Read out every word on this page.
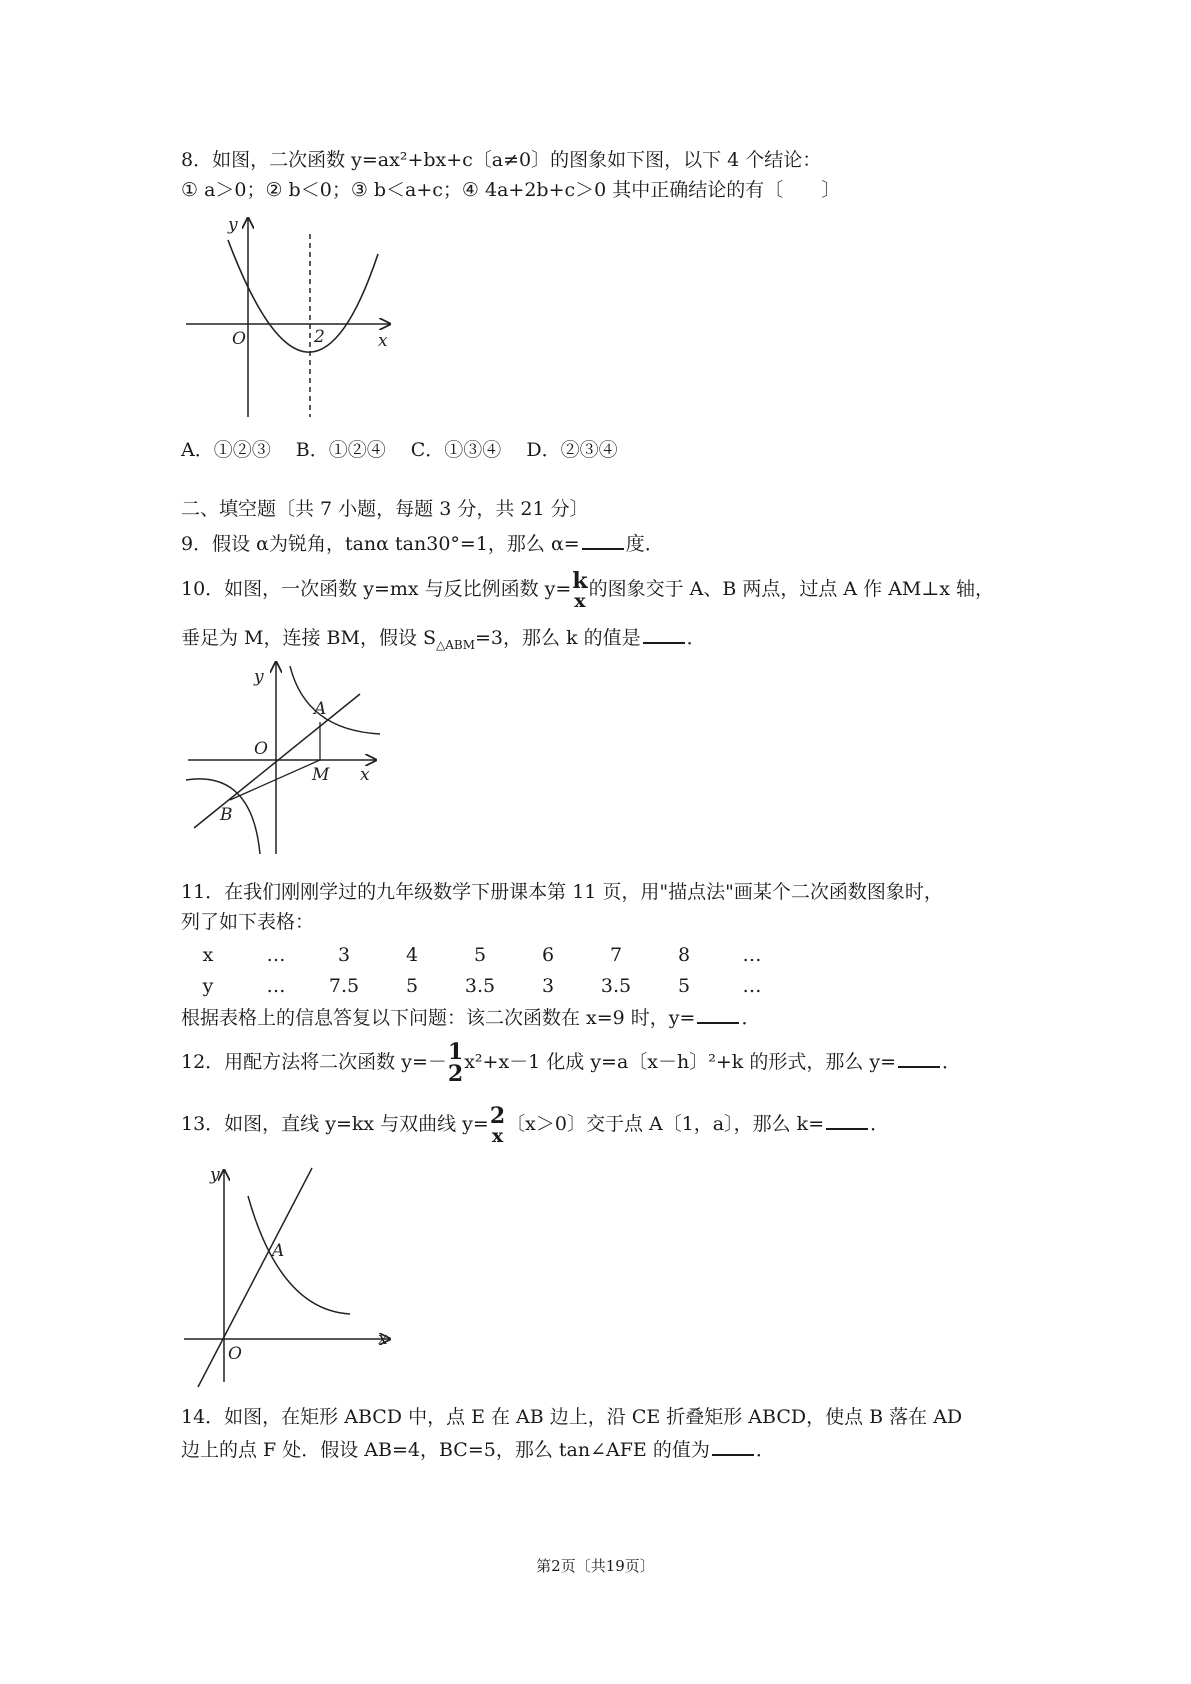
8．如图，二次函数 y=ax²+bx+c〔a≠0〕的图象如下图，以下 4 个结论：
① a＞0；② b＜0；③ b＜a+c；④ 4a+2b+c＞0 其中正确结论的有〔　　〕
y
x
O	2
A．①②③　 B．①②④　 C．①③④　 D．②③④
二、填空题〔共 7 小题，每题 3 分，共 21 分〕
9．假设 α为锐角，tanα tan30°=1，那么 α= 度．
10．如图，一次函数 y=mx 与反比例函数 y= k
x
的图象交于 A、B 两点，过点 A 作 AM⊥x 轴，
垂足为 M，连接 BM，假设 $S_{\triangle ABM}=3$，那么 k 的值是 ．
y
x
O
A
M
B
11．在我们刚刚学过的九年级数学下册课本第 11 页，用"描点法"画某个二次函数图象时，
列了如下表格：
x	…	3	4	5	6	7	8	…
y	…	7.5	5	3.5	3	3.5	5	…
根据表格上的信息答复以下问题：该二次函数在 x=9 时，y= ．
12．用配方法将二次函数 y=－ 1
2 x²+x－1 化成 y=a〔x－h〕²+k 的形式，那么 y= ．
13．如图，直线 y=kx 与双曲线 y= 2
x
〔x＞0〕交于点 A〔1，a〕，那么 k= ．
y
x
O
A
14．如图，在矩形 ABCD 中，点 E 在 AB 边上，沿 CE 折叠矩形 ABCD，使点 B 落在 AD
边上的点 F 处．假设 AB=4，BC=5，那么 tan∠AFE 的值为 ．
第2页〔共19页〕
